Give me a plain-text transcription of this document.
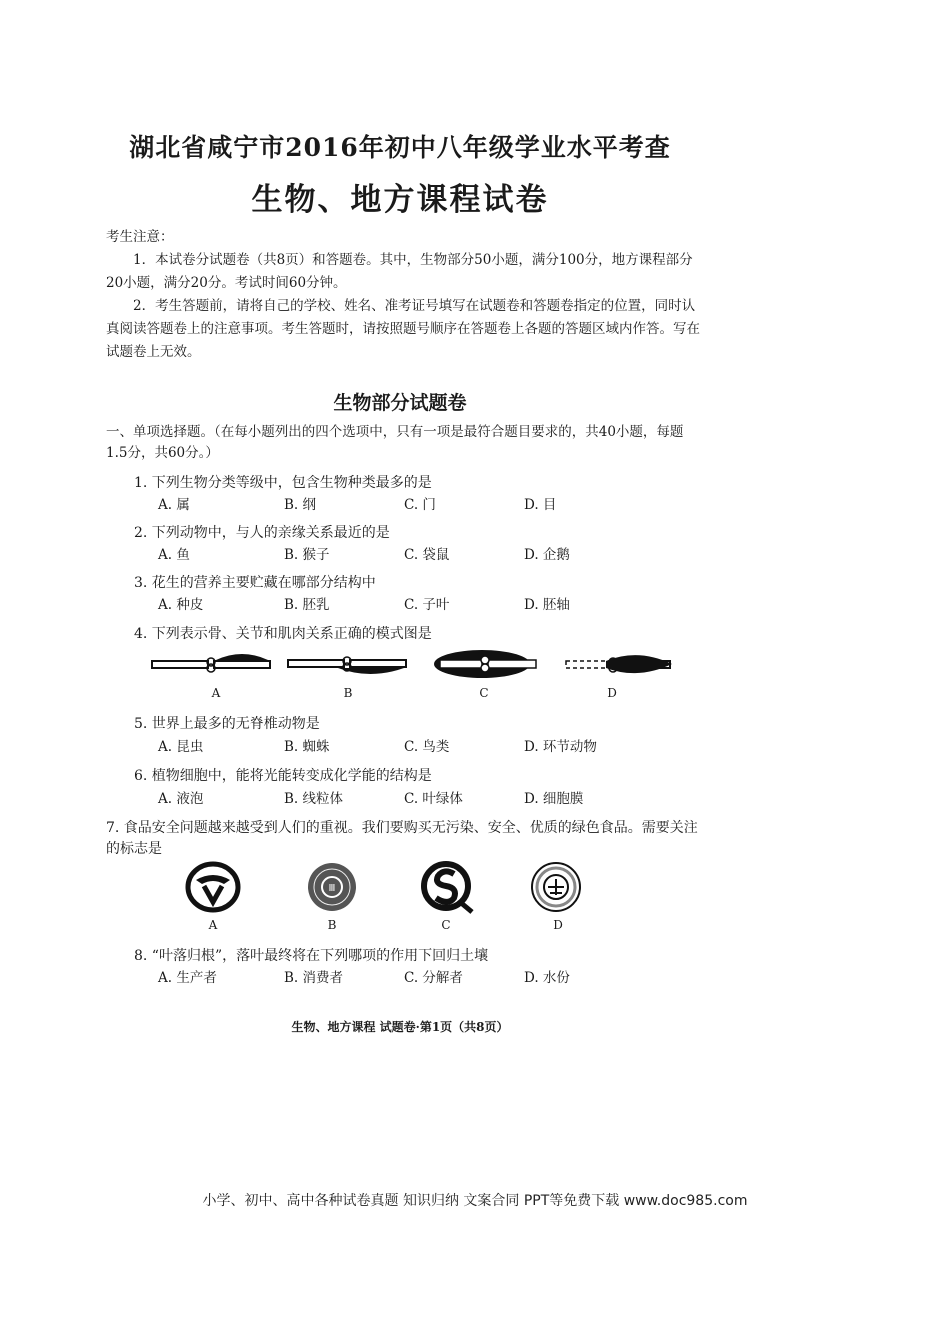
湖北省咸宁市2016年初中八年级学业水平考查
生物、地方课程试卷

考生注意：

1．本试卷分试题卷（共8页）和答题卷。其中，生物部分50小题，满分100分，地方课程部分20小题，满分20分。考试时间60分钟。

2．考生答题前，请将自己的学校、姓名、准考证号填写在试题卷和答题卷指定的位置，同时认真阅读答题卷上的注意事项。考生答题时，请按照题号顺序在答题卷上各题的答题区域内作答。写在试题卷上无效。

生物部分试题卷
一、单项选择题。（在每小题列出的四个选项中，只有一项是最符合题目要求的，共40小题，每题1.5分，共60分。）
1. 下列生物分类等级中，包含生物种类最多的是
A. 属	B. 纲	C. 门	D. 目
2. 下列动物中，与人的亲缘关系最近的是
A. 鱼	B. 猴子	C. 袋鼠	D. 企鹅
3. 花生的营养主要贮藏在哪部分结构中
A. 种皮	B. 胚乳	C. 子叶	D. 胚轴
4. 下列表示骨、关节和肌肉关系正确的模式图是
A	B	C	D
5. 世界上最多的无脊椎动物是
A. 昆虫	B. 蜘蛛	C. 鸟类	D. 环节动物
6. 植物细胞中，能将光能转变成化学能的结构是
A. 液泡	B. 线粒体	C. 叶绿体	D. 细胞膜
7. 食品安全问题越来越受到人们的重视。我们要购买无污染、安全、优质的绿色食品。需要关注的标志是
Ⅲ
A	B	C	D
8. “叶落归根”，落叶最终将在下列哪项的作用下回归土壤
A. 生产者	B. 消费者	C. 分解者	D. 水份
生物、地方课程 试题卷·第1页（共8页）
小学、初中、高中各种试卷真题 知识归纳 文案合同 PPT等免费下载 www.doc985.com
